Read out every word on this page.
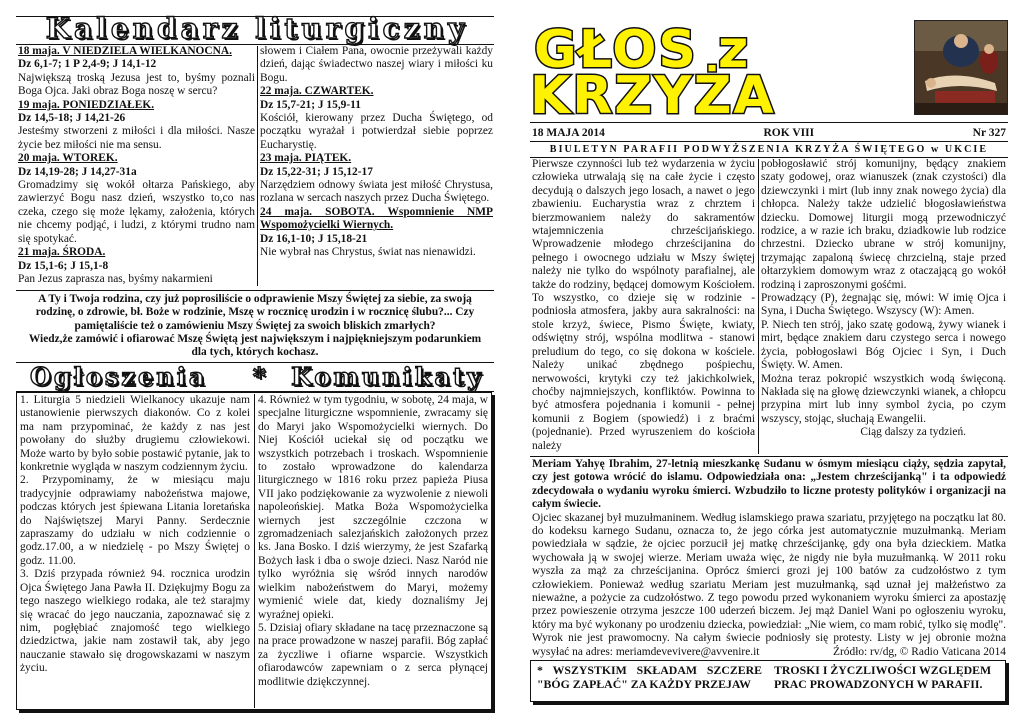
Kalendarz liturgiczny

18 maja. V NIEDZIELA WIELKANOCNA.

Dz 6,1-7; 1 P 2,4-9; J 14,1-12

Największą troską Jezusa jest to, byśmy poznali Boga Ojca. Jaki obraz Boga noszę w sercu?

19 maja. PONIEDZIAŁEK.

Dz 14,5-18; J 14,21-26

Jesteśmy stworzeni z miłości i dla miłości. Nasze życie bez miłości nie ma sensu.

20 maja. WTOREK.

Dz 14,19-28; J 14,27-31a

Gromadzimy się wokół ołtarza Pańskiego, aby zawierzyć Bogu nasz dzień, wszystko to,co nas czeka, czego się może lękamy, założenia, których nie chcemy podjąć, i ludzi, z którymi trudno nam się spotykać.

21 maja. ŚRODA.

Dz 15,1-6; J 15,1-8

Pan Jezus zaprasza nas, byśmy nakarmieni

słowem i Ciałem Pana, owocnie przeżywali każdy dzień, dając świadectwo naszej wiary i miłości ku Bogu.

22 maja. CZWARTEK.

Dz 15,7-21; J 15,9-11

Kościół, kierowany przez Ducha Świętego, od początku wyrażał i potwierdzał siebie poprzez Eucharystię.

23 maja. PIĄTEK.

Dz 15,22-31; J 15,12-17

Narzędziem odnowy świata jest miłość Chrystusa, rozlana w sercach naszych przez Ducha Świętego.

24 maja. SOBOTA. Wspomnienie NMP Wspomożycielki Wiernych.

Dz 16,1-10; J 15,18-21

Nie wybrał nas Chrystus, świat nas nienawidzi.

A Ty i Twoja rodzina, czy już poprosiliście o odprawienie Mszy Świętej za siebie, za swoją rodzinę, o zdrowie, bł. Boże w rodzinie, Mszę w rocznicę urodzin i w rocznicę ślubu?... Czy pamiętaliście też o zamówieniu Mszy Świętej za swoich bliskich zmarłych?

Wiedz,że zamówić i ofiarować Mszę Świętą jest największym i najpiękniejszym podarunkiem dla tych, których kochasz.

Ogłoszenia    *  Komunikaty

1. Liturgia 5 niedzieli Wielkanocy ukazuje nam ustanowienie pierwszych diakonów. Co z kolei ma nam przypominać, że każdy z nas jest powołany do służby drugiemu człowiekowi. Może warto by było sobie postawić pytanie, jak to konkretnie wygląda w naszym codziennym życiu.

2. Przypominamy, że w miesiącu maju tradycyjnie odprawiamy nabożeństwa majowe, podczas których jest śpiewana Litania loretańska do Najświętszej Maryi Panny. Serdecznie zapraszamy do udziału w nich codziennie o godz.17.00, a w niedzielę - po Mszy Świętej o godz. 11.00.

3. Dziś przypada również 94. rocznica urodzin Ojca Świętego Jana Pawła II. Dziękujmy Bogu za tego naszego wielkiego rodaka, ale też starajmy się wracać do jego nauczania, zapoznawać się z nim, pogłębiać znajomość tego wielkiego dziedzictwa, jakie nam zostawił tak, aby jego nauczanie stawało się drogowskazami w naszym życiu.

4. Również w tym tygodniu, w sobotę, 24 maja, w specjalne liturgiczne wspomnienie, zwracamy się do Maryi jako Wspomożycielki wiernych. Do Niej Kościół uciekał się od początku we wszystkich potrzebach i troskach. Wspomnienie to zostało wprowadzone do kalendarza liturgicznego w 1816 roku przez papieża Piusa VII jako podziękowanie za wyzwolenie z niewoli napoleońskiej. Matka Boża Wspomożycielka wiernych jest szczególnie czczona w zgromadzeniach salezjańskich założonych przez ks. Jana Bosko. I dziś wierzymy, że jest Szafarką Bożych łask i dba o swoje dzieci. Nasz Naród nie tylko wyróżnia się wśród innych narodów wielkim nabożeństwem do Maryi, możemy wymienić wiele dat, kiedy doznaliśmy Jej wyraźnej opieki.

5. Dzisiaj ofiary składane na tacę przeznaczone są na prace prowadzone w naszej parafii. Bóg zapłać za życzliwe i ofiarne wsparcie. Wszystkich ofiarodawców zapewniam o z serca płynącej modlitwie dziękczynnej.

GŁOS z
KRZYŻA
18 MAJA 2014	ROK VIII	Nr 327
BIULETYN PARAFII PODWYŻSZENIA KRZYŻA ŚWIĘTEGO w UKCIE
Pierwsze czynności lub też wydarzenia w życiu człowieka utrwalają się na całe życie i często decydują o dalszych jego losach, a nawet o jego zbawieniu. Eucharystia wraz z chrztem i bierzmowaniem należy do sakramentów wtajemniczenia chrześcijańskiego. Wprowadzenie młodego chrześcijanina do pełnego i owocnego udziału w Mszy świętej należy nie tylko do wspólnoty parafialnej, ale także do rodziny, będącej domowym Kościołem. To wszystko, co dzieje się w rodzinie - podniosła atmosfera, jakby aura sakralności: na stole krzyż, świece, Pismo Święte, kwiaty, odświętny strój, wspólna modlitwa - stanowi preludium do tego, co się dokona w kościele. Należy unikać zbędnego pośpiechu, nerwowości, krytyki czy też jakichkolwiek, choćby najmniejszych, konfliktów. Powinna to być atmosfera pojednania i komunii - pełnej komunii z Bogiem (spowiedź) i z braćmi (pojednanie). Przed wyruszeniem do kościoła należy

pobłogosławić strój komunijny, będący znakiem szaty godowej, oraz wianuszek (znak czystości) dla dziewczynki i mirt (lub inny znak nowego życia) dla chłopca. Należy także udzielić błogosławieństwa dziecku. Domowej liturgii mogą przewodniczyć rodzice, a w razie ich braku, dziadkowie lub rodzice chrzestni. Dziecko ubrane w strój komunijny, trzymając zapaloną świecę chrzcielną, staje przed ołtarzykiem domowym wraz z otaczającą go wokół rodziną i zaproszonymi gośćmi.

Prowadzący (P), żegnając się, mówi: W imię Ojca i Syna, i Ducha Świętego. Wszyscy (W): Amen.

P. Niech ten strój, jako szatę godową, żywy wianek i mirt, będące znakiem daru czystego serca i nowego życia, pobłogosławi Bóg Ojciec i Syn, i Duch Święty. W. Amen.

Można teraz pokropić wszystkich wodą święconą. Nakłada się na głowę dziewczynki wianek, a chłopcu przypina mirt lub inny symbol życia, po czym wszyscy, stojąc, słuchają Ewangelii.

Ciąg dalszy za tydzień.

Meriam Yahyę Ibrahim, 27-letnią mieszkankę Sudanu w ósmym miesiącu ciąży, sędzia zapytał, czy jest gotowa wrócić do islamu. Odpowiedziała ona: „Jestem chrześcijanką" i ta odpowiedź zdecydowała o wydaniu wyroku śmierci. Wzbudziło to liczne protesty polityków i organizacji na całym świecie.

Ojciec skazanej był muzułmaninem. Według islamskiego prawa szariatu, przyjętego na początku lat 80. do kodeksu karnego Sudanu, oznacza to, że jego córka jest automatycznie muzułmanką. Meriam powiedziała w sądzie, że ojciec porzucił jej matkę chrześcijankę, gdy ona była dzieckiem. Matka wychowała ją w swojej wierze. Meriam uważa więc, że nigdy nie była muzułmanką. W 2011 roku wyszła za mąż za chrześcijanina. Oprócz śmierci grozi jej 100 batów za cudzołóstwo z tym człowiekiem. Ponieważ według szariatu Meriam jest muzułmanką, sąd uznał jej małżeństwo za nieważne, a pożycie za cudzołóstwo. Z tego powodu przed wykonaniem wyroku śmierci za apostazję przez powieszenie otrzyma jeszcze 100 uderzeń biczem. Jej mąż Daniel Wani po ogłoszeniu wyroku, który ma być wykonany po urodzeniu dziecka, powiedział: „Nie wiem, co mam robić, tylko się modlę". Wyrok nie jest prawomocny. Na całym świecie podniosły się protesty. Listy w jej obronie można wysyłać na adres: meriamdevevivere@avvenire.it	Źródło: rv/dg, © Radio Vaticana 2014

* WSZYSTKIM SKŁADAM SZCZERE "BÓG ZAPŁAĆ" ZA KAŻDY PRZEJAW
TROSKI I ŻYCZLIWOŚCI WZGLĘDEM PRAC PROWADZONYCH W PARAFII.
